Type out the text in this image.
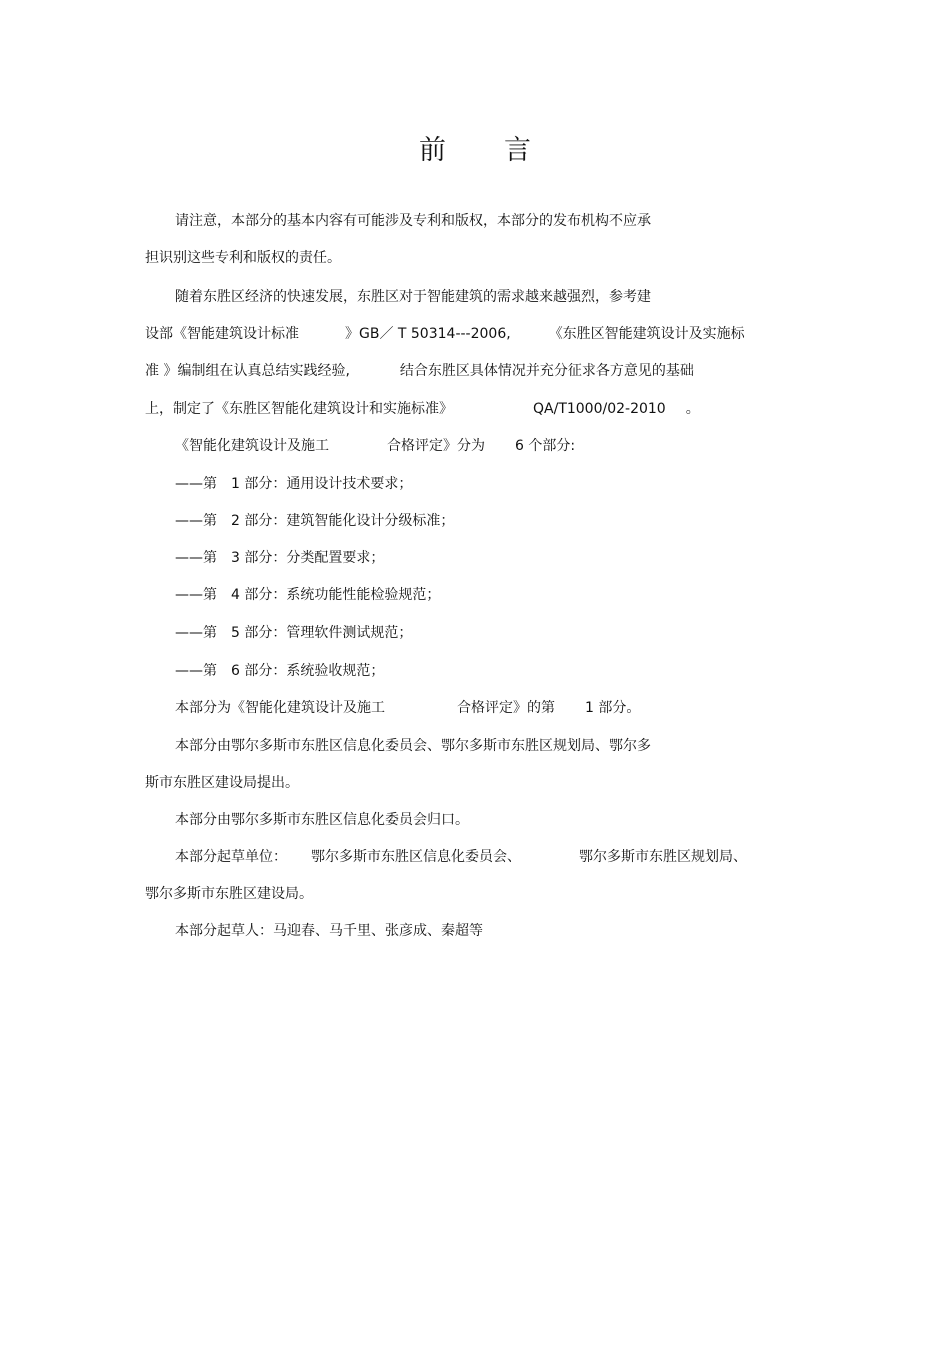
前 言
请注意，本部分的基本内容有可能涉及专利和版权，本部分的发布机构不应承
担识别这些专利和版权的责任。
随着东胜区经济的快速发展，东胜区对于智能建筑的需求越来越强烈，参考建
设部《智能建筑设计标准	》GB／ T 50314---2006,	《东胜区智能建筑设计及实施标
准 》编制组在认真总结实践经验,	结合东胜区具体情况并充分征求各方意见的基础
上，制定了《东胜区智能化建筑设计和实施标准》	QA/T1000/02-2010 。
《智能化建筑设计及施工	合格评定》分为 6 个部分:
——第 1 部分：通用设计技术要求；
——第 2 部分：建筑智能化设计分级标准；
——第 3 部分：分类配置要求；
——第 4 部分：系统功能性能检验规范；
——第 5 部分：管理软件测试规范；
——第 6 部分：系统验收规范；
本部分为《智能化建筑设计及施工	合格评定》的第 1 部分。
本部分由鄂尔多斯市东胜区信息化委员会、鄂尔多斯市东胜区规划局、鄂尔多
斯市东胜区建设局提出。
本部分由鄂尔多斯市东胜区信息化委员会归口。
本部分起草单位： 鄂尔多斯市东胜区信息化委员会、	鄂尔多斯市东胜区规划局、
鄂尔多斯市东胜区建设局。
本部分起草人：马迎春、马千里、张彦成、秦超等
